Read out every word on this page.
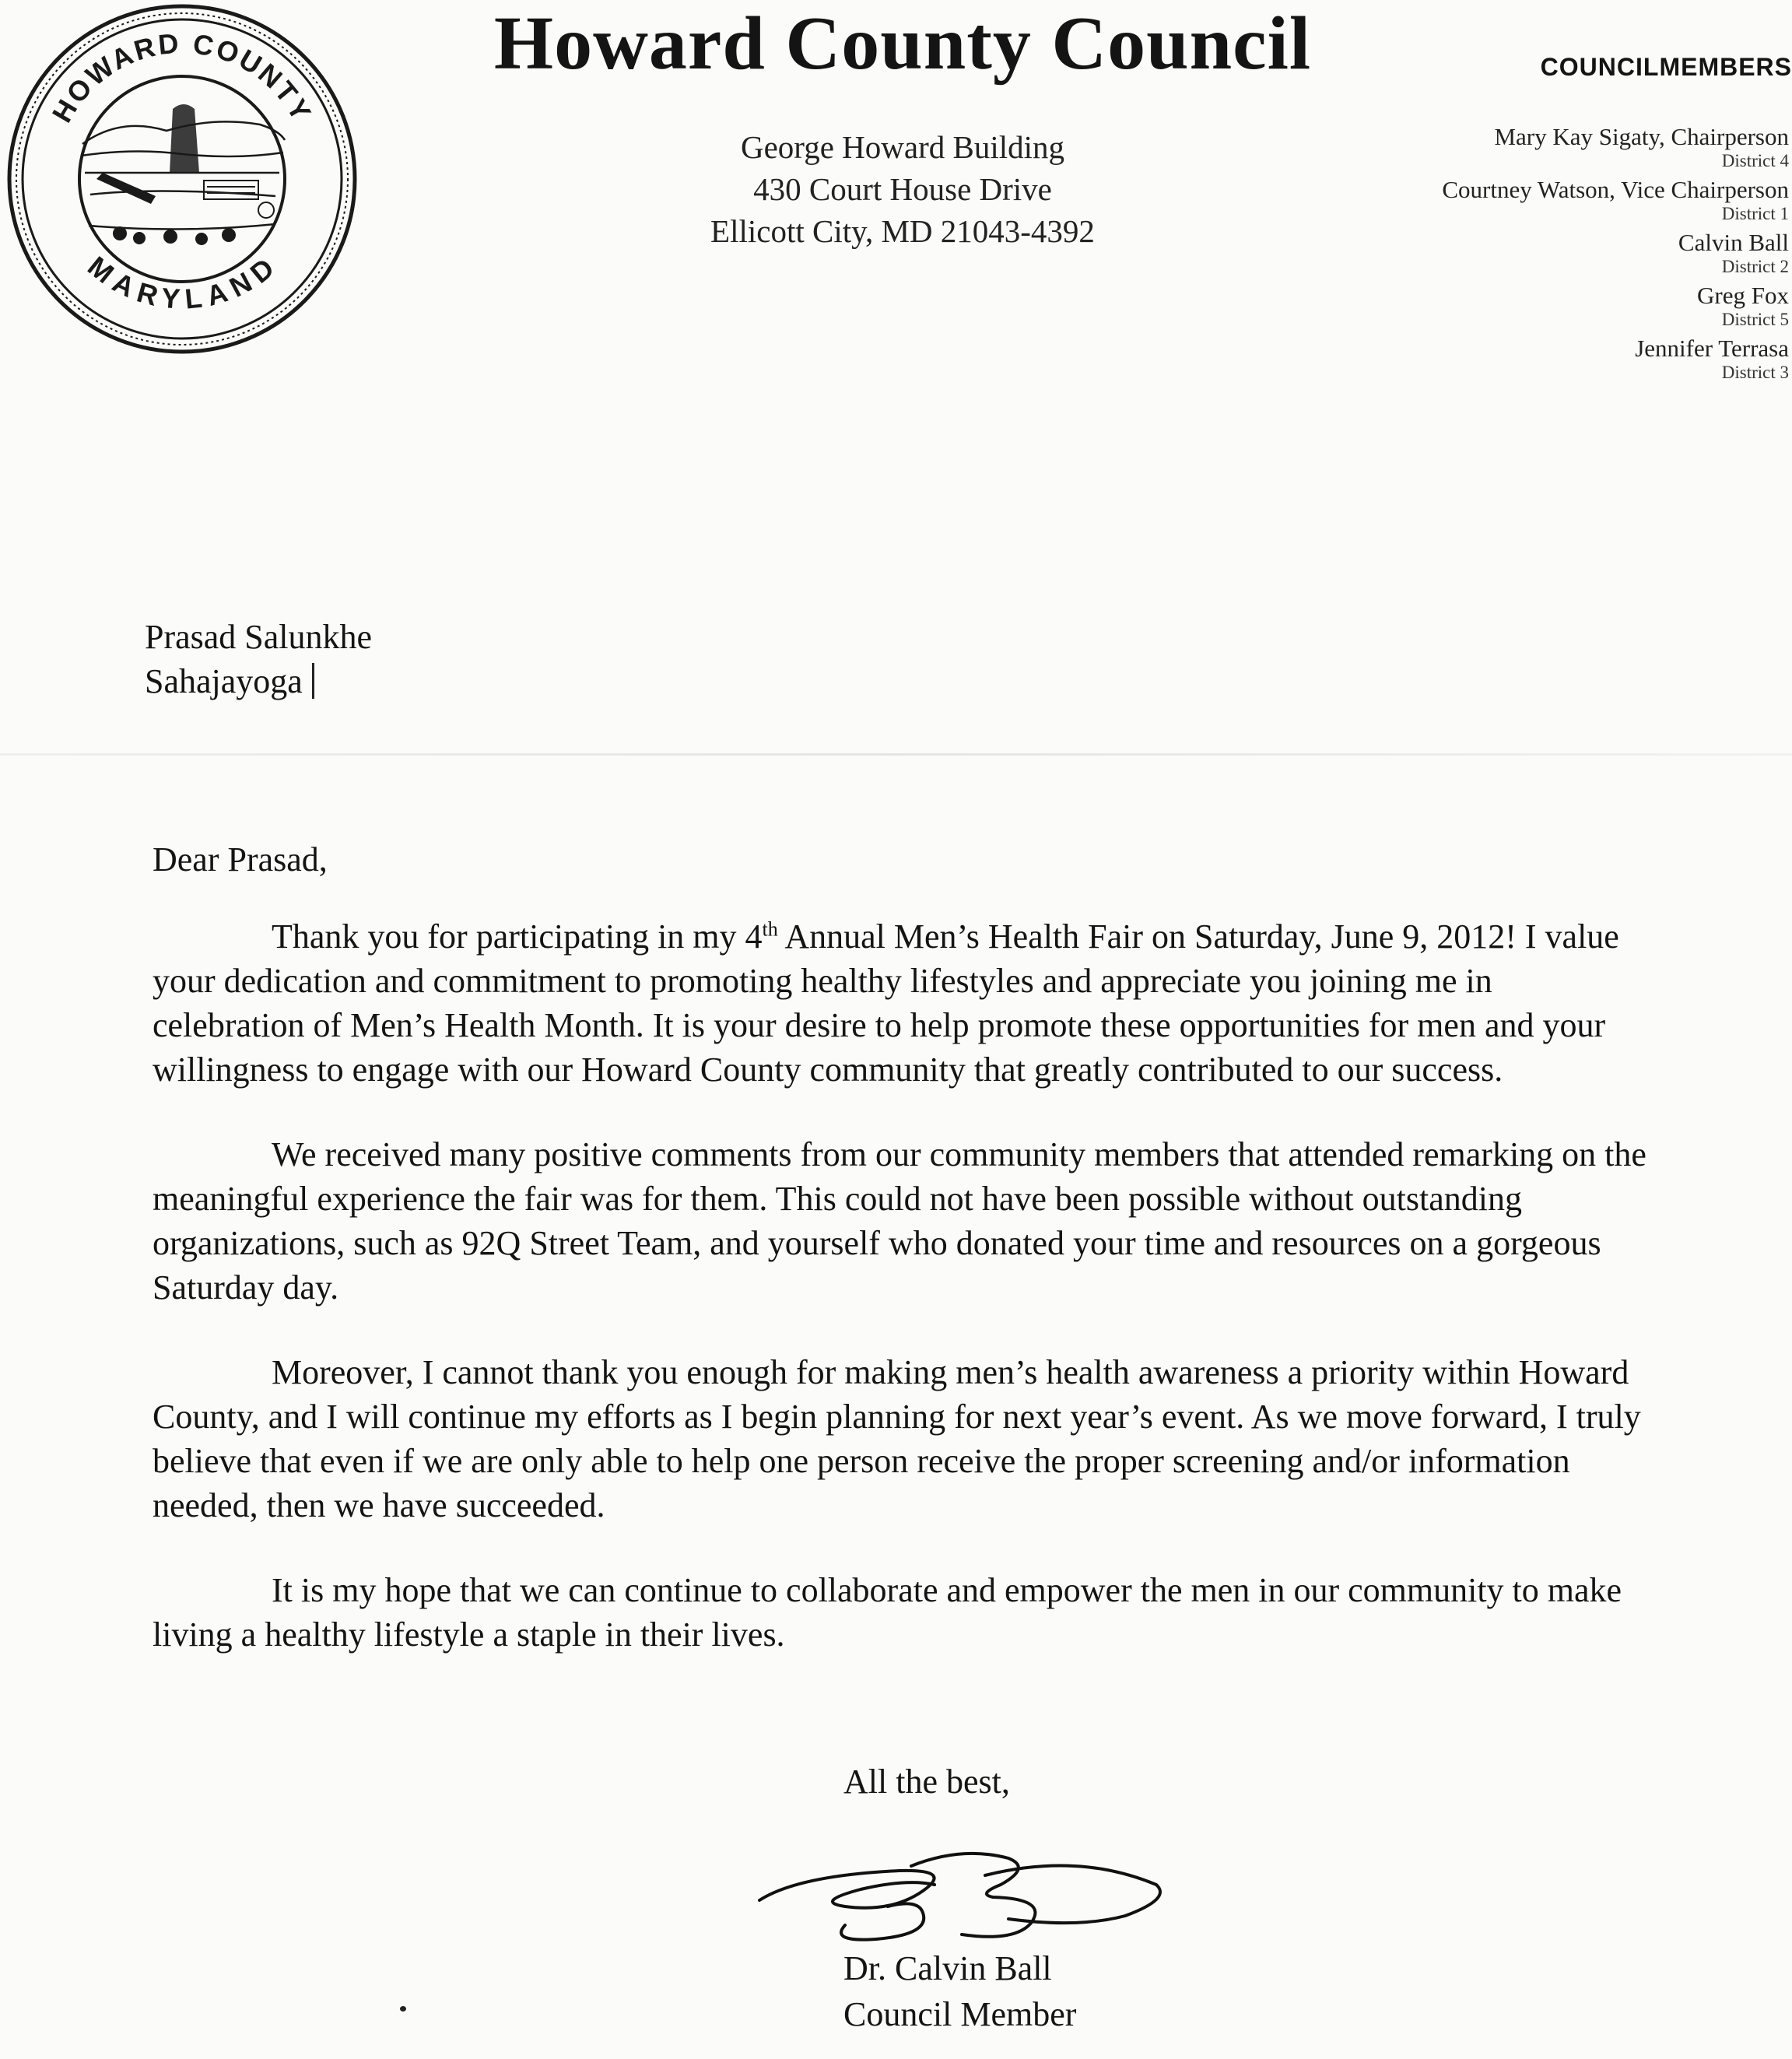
HOWARD COUNTY
MARYLAND
Howard County Council
George Howard Building
430 Court House Drive
Ellicott City, MD 21043-4392
COUNCILMEMBERS
Mary Kay Sigaty, Chairperson
District 4
Courtney Watson, Vice Chairperson
District 1
Calvin Ball
District 2
Greg Fox
District 5
Jennifer Terrasa
District 3
Prasad Salunkhe
Sahajayoga

Dear Prasad,

Thank you for participating in my 4th Annual Men’s Health Fair on Saturday, June 9, 2012! I value your dedication and commitment to promoting healthy lifestyles and appreciate you joining me in celebration of Men’s Health Month. It is your desire to help promote these opportunities for men and your willingness to engage with our Howard County community that greatly contributed to our success.

We received many positive comments from our community members that attended remarking on the meaningful experience the fair was for them. This could not have been possible without outstanding organizations, such as 92Q Street Team, and yourself who donated your time and resources on a gorgeous Saturday day.

Moreover, I cannot thank you enough for making men’s health awareness a priority within Howard County, and I will continue my efforts as I begin planning for next year’s event. As we move forward, I truly believe that even if we are only able to help one person receive the proper screening and/or information needed, then we have succeeded.

It is my hope that we can continue to collaborate and empower the men in our community to make living a healthy lifestyle a staple in their lives.

All the best,
Dr. Calvin Ball
Council Member
